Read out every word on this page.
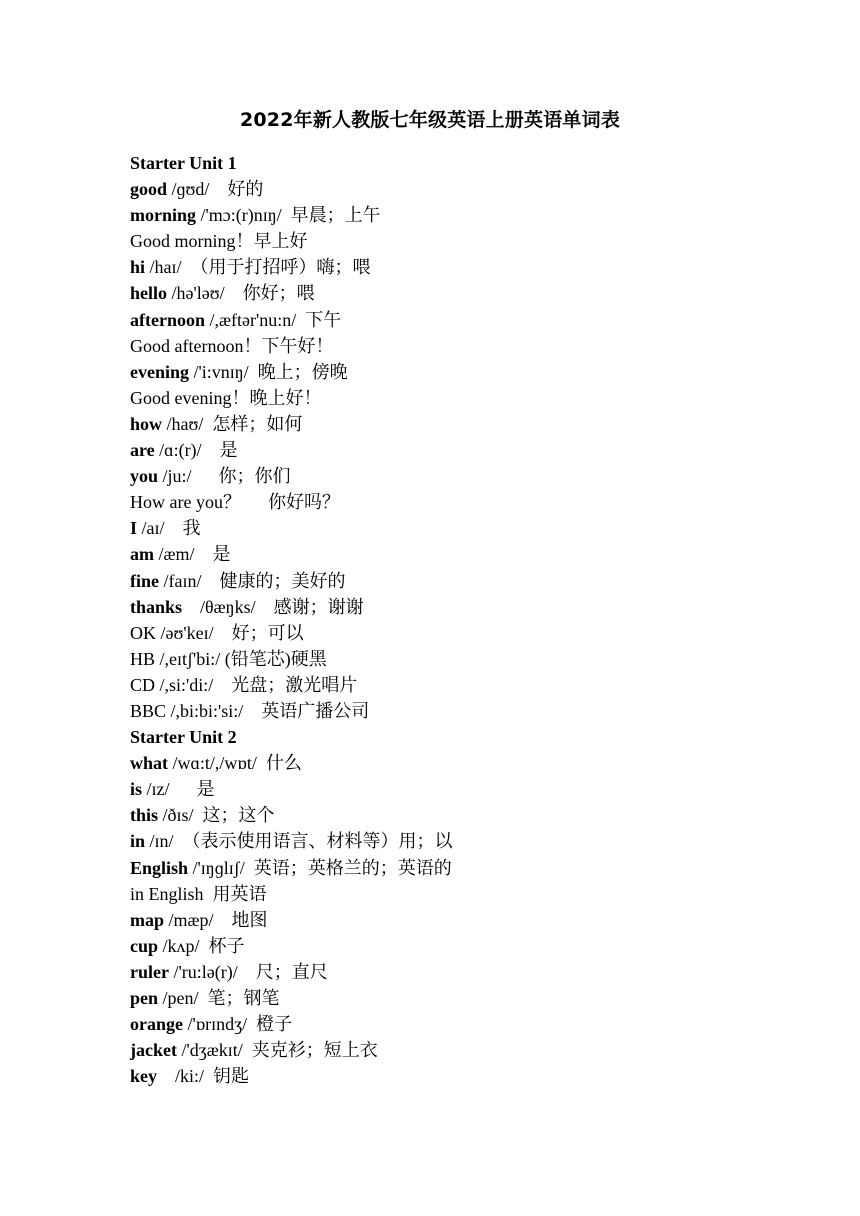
2022年新人教版七年级英语上册英语单词表
Starter Unit 1
good /ɡʊd/    好的
morning /'mɔ:(r)nɪŋ/  早晨；上午
Good morning！早上好
hi /haɪ/  （用于打招呼）嗨；喂
hello /hə'ləʊ/    你好；喂
afternoon /,æftər'nu:n/  下午
Good afternoon！下午好！
evening /'i:vnɪŋ/  晚上；傍晚
Good evening！晚上好！
how /haʊ/  怎样；如何
are /ɑ:(r)/    是
you /ju:/      你；你们
How are you？      你好吗？
I /aɪ/    我
am /æm/    是
fine /faɪn/    健康的；美好的
thanks    /θæŋks/    感谢；谢谢
OK /əʊ'keɪ/    好；可以
HB /,eɪtʃ'bi:/ (铅笔芯)硬黑
CD /,si:'di:/    光盘；激光唱片
BBC /,bi:bi:'si:/    英语广播公司
Starter Unit 2
what /wɑ:t/,/wɒt/  什么
is /ɪz/      是
this /ðɪs/  这；这个
in /ɪn/  （表示使用语言、材料等）用；以
English /'ɪŋɡlɪʃ/  英语；英格兰的；英语的
in English  用英语
map /mæp/    地图
cup /kʌp/  杯子
ruler /'ru:lə(r)/    尺；直尺
pen /pen/  笔；钢笔
orange /'ɒrɪndʒ/  橙子
jacket /'dʒækɪt/  夹克衫；短上衣
key    /ki:/  钥匙
